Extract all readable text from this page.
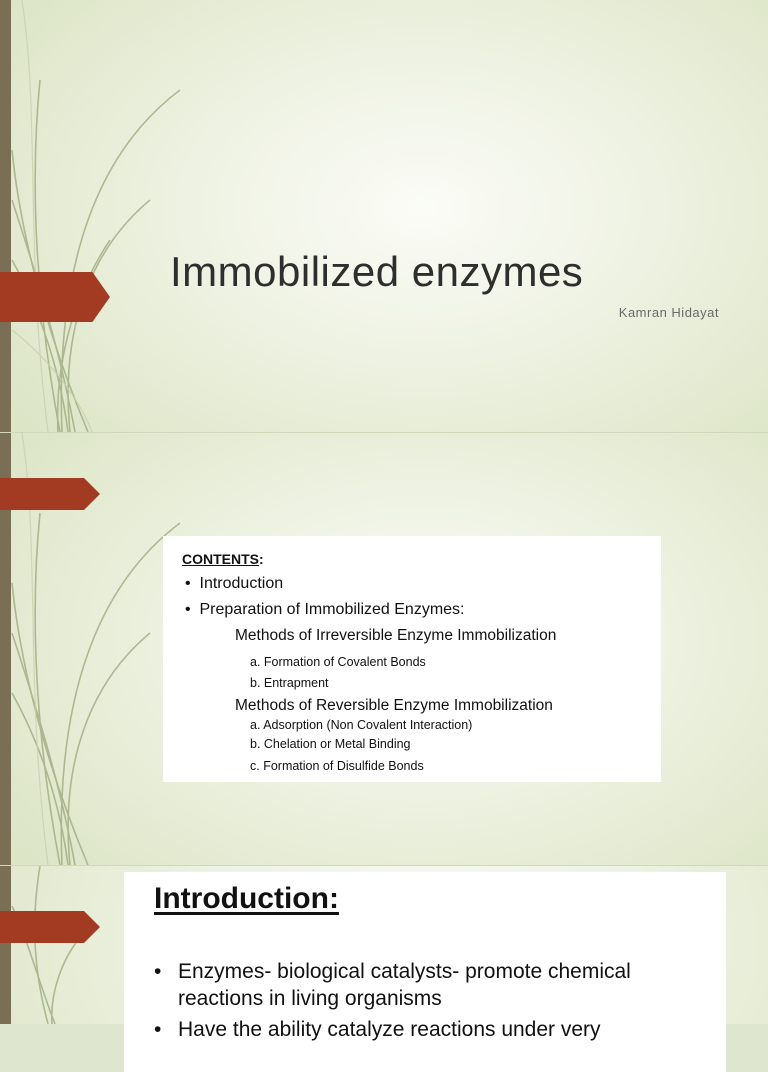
Immobilized enzymes
Kamran Hidayat
CONTENTS:
• Introduction
• Preparation of Immobilized Enzymes:
Methods of Irreversible Enzyme Immobilization
a. Formation of Covalent Bonds
b. Entrapment
Methods of Reversible Enzyme Immobilization
a. Adsorption (Non Covalent Interaction)
b. Chelation or Metal Binding
c. Formation of Disulfide Bonds
Introduction:
• Enzymes- biological catalysts- promote chemical reactions in living organisms
• Have the ability catalyze reactions under very
